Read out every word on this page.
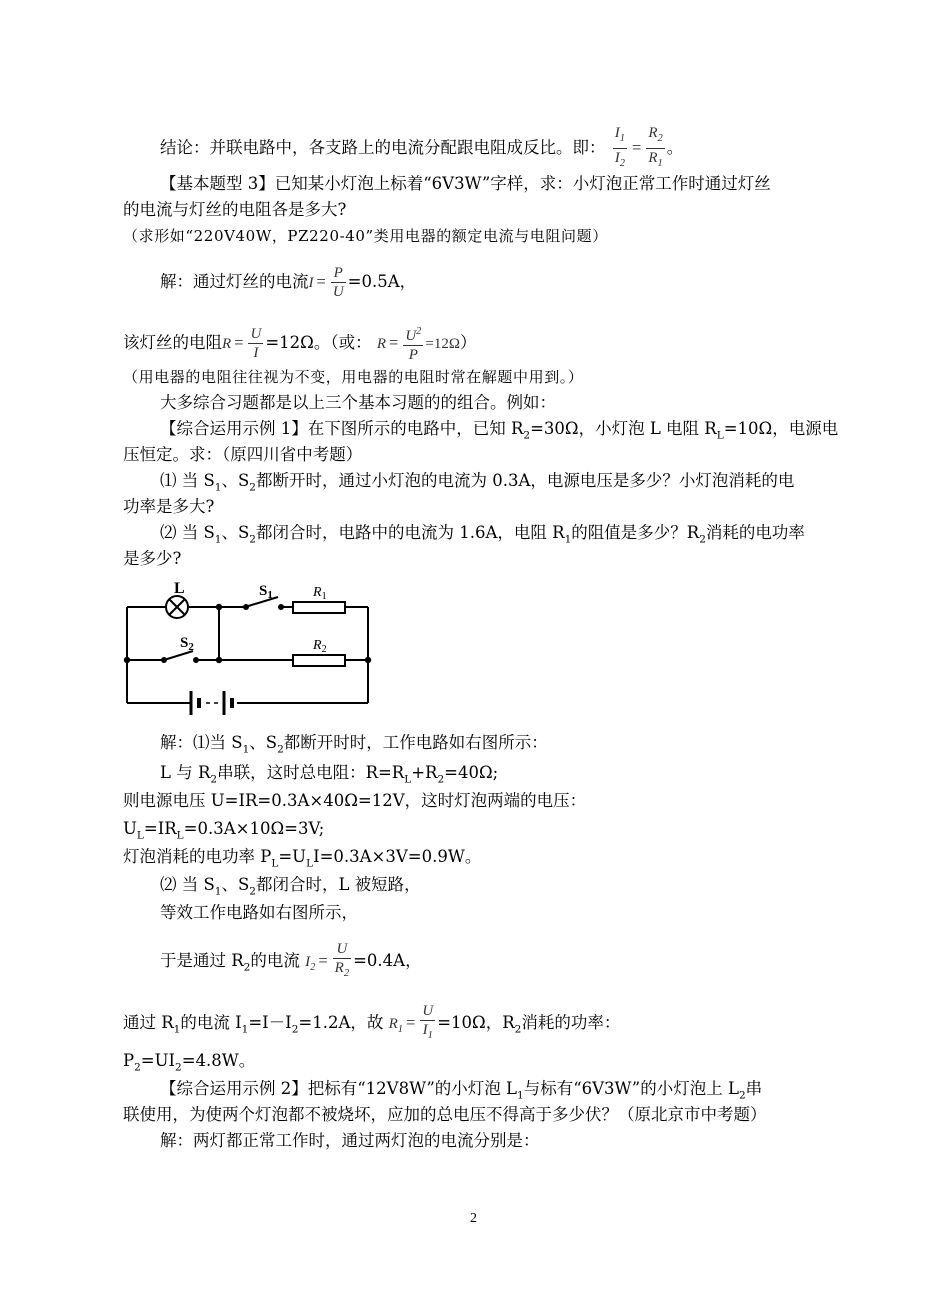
结论：并联电路中，各支路上的电流分配跟电阻成反比。即： $\frac{I_1}{I_2} = \frac{R_2}{R_1}$ 。
【基本题型 3】已知某小灯泡上标着“6V3W”字样，求：小灯泡正常工作时通过灯丝
的电流与灯丝的电阻各是多大?
（求形如“220V40W，PZ220-40”类用电器的额定电流与电阻问题）
解：通过灯丝的电流$I = \frac{P}{U} =0.5A$，
该灯丝的电阻$R = \frac{U}{I} =12\Omega$。（或： $R = \frac{U^2}{P} =12\Omega$）
（用电器的电阻往往视为不变，用电器的电阻时常在解题中用到。）
大多综合习题都是以上三个基本习题的的组合。例如：
【综合运用示例 1】在下图所示的电路中，已知 $R_2=30\Omega$，小灯泡 L 电阻 $R_L=10\Omega$，电源电
压恒定。求：（原四川省中考题）
⑴ 当 $S_1$、$S_2$都断开时，通过小灯泡的电流为 0.3A，电源电压是多少？小灯泡消耗的电
功率是多大?
⑵ 当 $S_1$、$S_2$都闭合时，电路中的电流为 1.6A，电阻 $R_1$的阻值是多少？$R_2$消耗的电功率
是多少?
L	$S_1$	$R_1$
$S_2$	$R_2$
解：⑴当 $S_1$、$S_2$都断开时时，工作电路如右图所示：
L 与 $R_2$串联，这时总电阻：$R=R_L+R_2=40\Omega$;
则电源电压 U=IR=0.3A×40Ω=12V，这时灯泡两端的电压：
$U_L=IR_L=0.3A\times 10\Omega=3V$;
灯泡消耗的电功率 $P_L=U_LI=0.3A\times 3V=0.9W$。
⑵ 当 $S_1$、$S_2$都闭合时，L 被短路，
等效工作电路如右图所示，
于是通过 $R_2$的电流 $I_2 = \frac{U}{R_2} =0.4A$，
通过 $R_1$的电流 $I_1=I-I_2=1.2A$，故 $R_1 = \frac{U}{I_1} =10\Omega$，$R_2$消耗的功率：
$P_2=UI_2=4.8W$。
【综合运用示例 2】把标有“12V8W”的小灯泡 $L_1$与标有“6V3W”的小灯泡上 $L_2$串
联使用，为使两个灯泡都不被烧坏，应加的总电压不得高于多少伏？（原北京市中考题）
解：两灯都正常工作时，通过两灯泡的电流分别是：
2
